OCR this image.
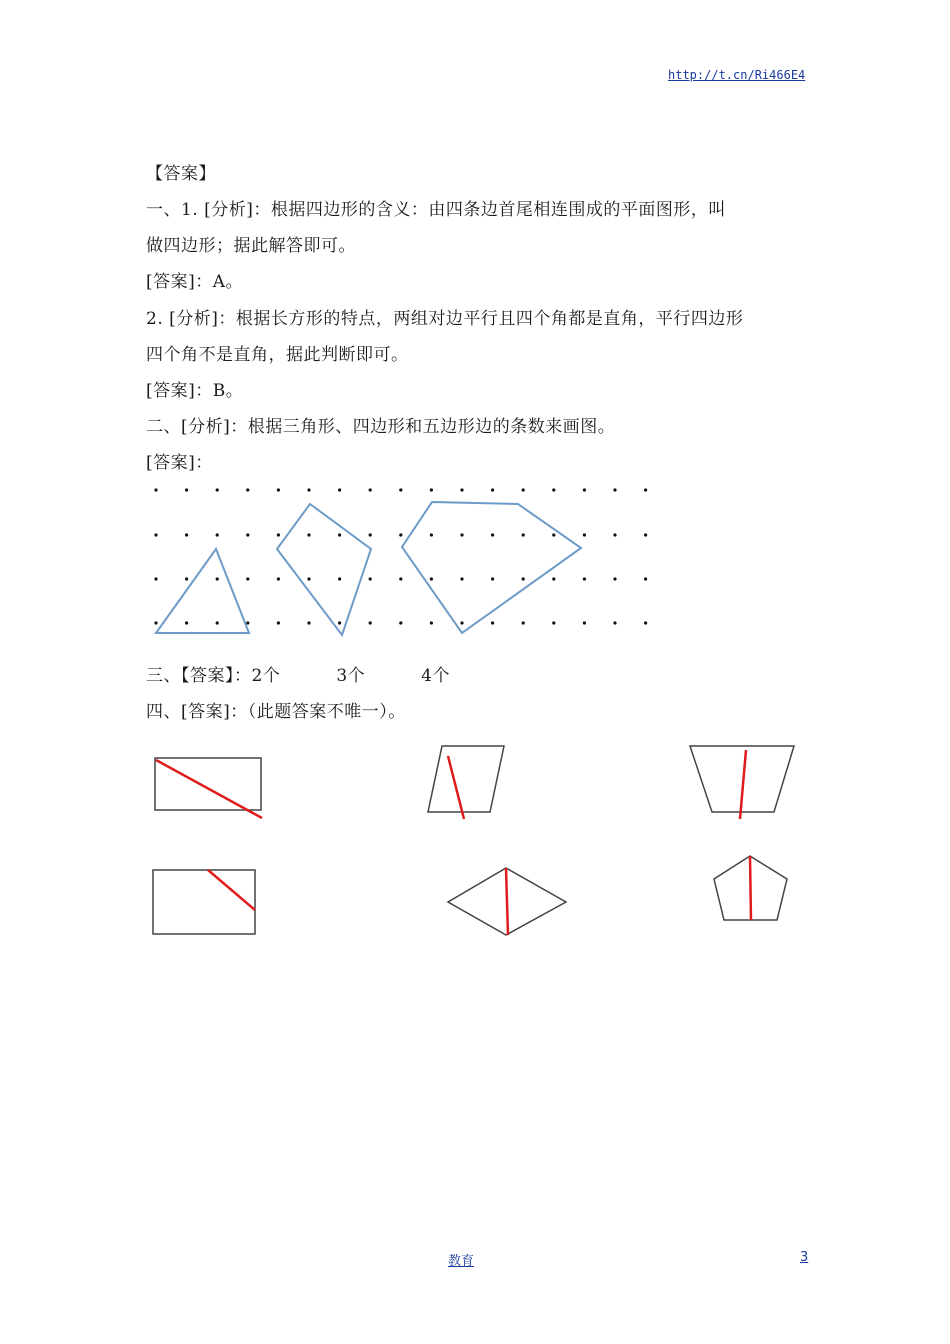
http://t.cn/Ri466E4
【答案】
一、1. [分析]：根据四边形的含义：由四条边首尾相连围成的平面图形，叫
做四边形；据此解答即可。
[答案]：A。
2. [分析]：根据长方形的特点，两组对边平行且四个角都是直角，平行四边形
四个角不是直角，据此判断即可。
[答案]：B。
二、[分析]：根据三角形、四边形和五边形边的条数来画图。
[答案]：
三、【答案】：2个	3个	4个
四、[答案]：（此题答案不唯一）。
教育	3
